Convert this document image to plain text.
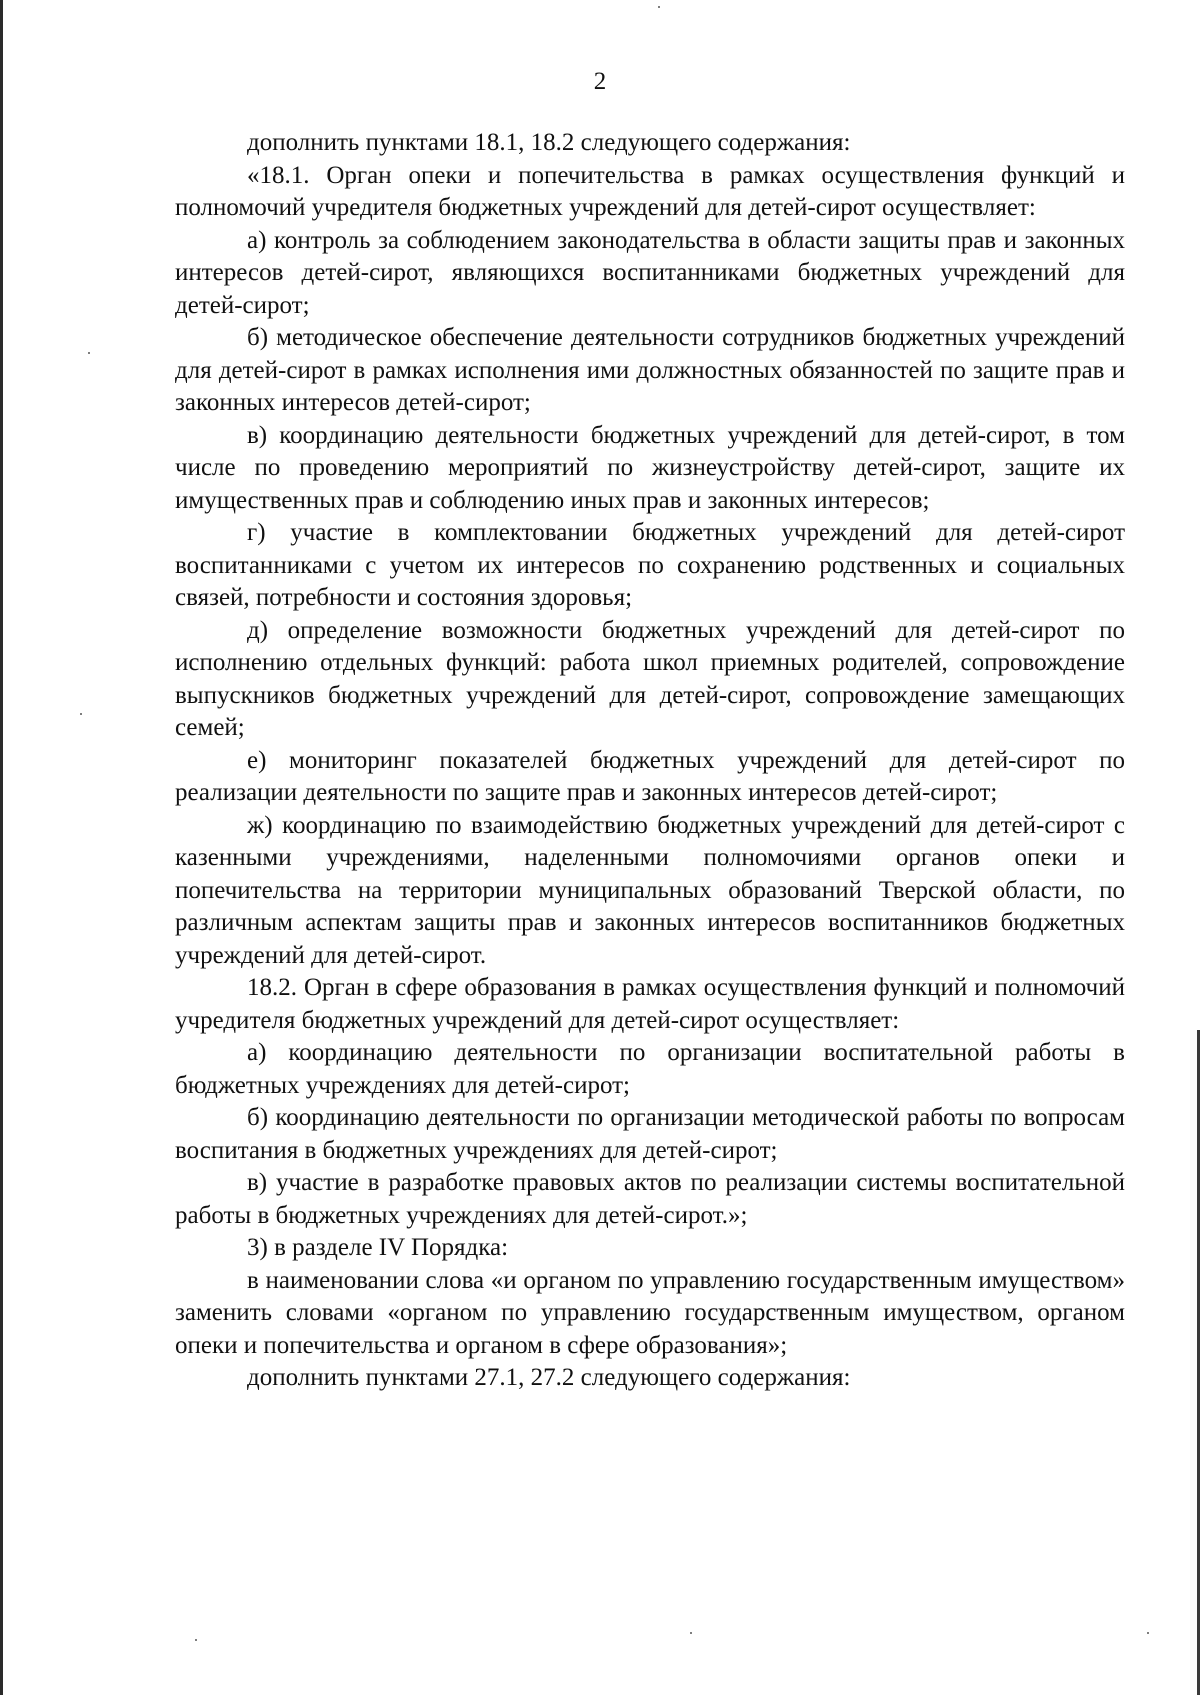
2

дополнить пунктами 18.1, 18.2 следующего содержания:

«18.1. Орган опеки и попечительства в рамках осуществления функций и полномочий учредителя бюджетных учреждений для детей-сирот осуществляет:

а) контроль за соблюдением законодательства в области защиты прав и законных интересов детей-сирот, являющихся воспитанниками бюджетных учреждений для детей-сирот;

б) методическое обеспечение деятельности сотрудников бюджетных учреждений для детей-сирот в рамках исполнения ими должностных обязанностей по защите прав и законных интересов детей-сирот;

в) координацию деятельности бюджетных учреждений для детей-сирот, в том числе по проведению мероприятий по жизнеустройству детей-сирот, защите их имущественных прав и соблюдению иных прав и законных интересов;

г) участие в комплектовании бюджетных учреждений для детей-сирот воспитанниками с учетом их интересов по сохранению родственных и социальных связей, потребности и состояния здоровья;

д) определение возможности бюджетных учреждений для детей-сирот по исполнению отдельных функций: работа школ приемных родителей, сопровождение выпускников бюджетных учреждений для детей-сирот, сопровождение замещающих семей;

е) мониторинг показателей бюджетных учреждений для детей-сирот по реализации деятельности по защите прав и законных интересов детей-сирот;

ж) координацию по взаимодействию бюджетных учреждений для детей-сирот с казенными учреждениями, наделенными полномочиями органов опеки и попечительства на территории муниципальных образований Тверской области, по различным аспектам защиты прав и законных интересов воспитанников бюджетных учреждений для детей-сирот.

18.2. Орган в сфере образования в рамках осуществления функций и полномочий учредителя бюджетных учреждений для детей-сирот осуществляет:

а) координацию деятельности по организации воспитательной работы в бюджетных учреждениях для детей-сирот;

б) координацию деятельности по организации методической работы по вопросам воспитания в бюджетных учреждениях для детей-сирот;

в) участие в разработке правовых актов по реализации системы воспитательной работы в бюджетных учреждениях для детей-сирот.»;

3) в разделе IV Порядка:

в наименовании слова «и органом по управлению государственным имуществом» заменить словами «органом по управлению государственным имуществом, органом опеки и попечительства и органом в сфере образования»;

дополнить пунктами 27.1, 27.2 следующего содержания:
